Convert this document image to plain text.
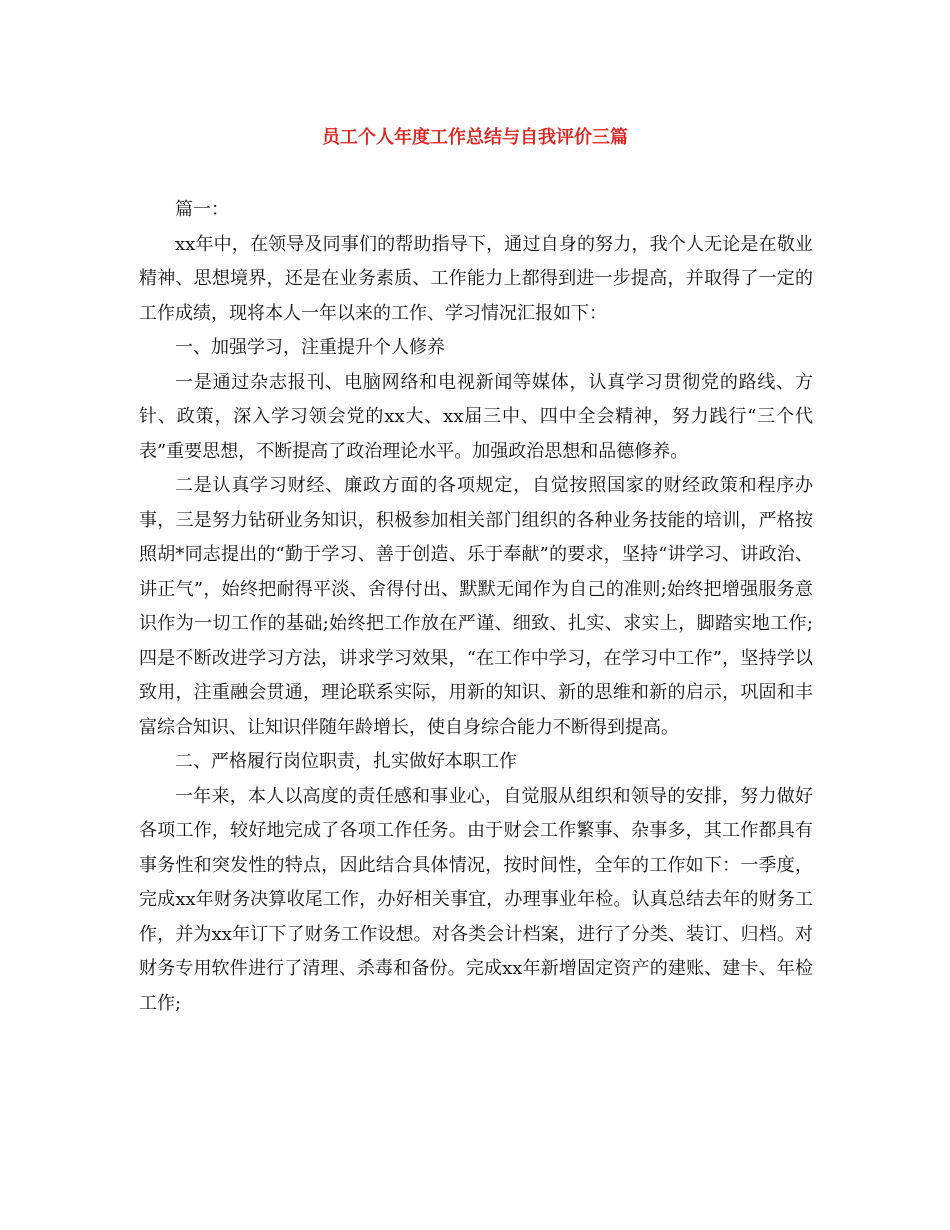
员工个人年度工作总结与自我评价三篇

篇一：

xx年中，在领导及同事们的帮助指导下，通过自身的努力，我个人无论是在敬业精神、思想境界，还是在业务素质、工作能力上都得到进一步提高，并取得了一定的工作成绩，现将本人一年以来的工作、学习情况汇报如下：

一、加强学习，注重提升个人修养

一是通过杂志报刊、电脑网络和电视新闻等媒体，认真学习贯彻党的路线、方针、政策，深入学习领会党的xx大、xx届三中、四中全会精神，努力践行“三个代表”重要思想，不断提高了政治理论水平。加强政治思想和品德修养。

二是认真学习财经、廉政方面的各项规定，自觉按照国家的财经政策和程序办事，三是努力钻研业务知识，积极参加相关部门组织的各种业务技能的培训，严格按照胡*同志提出的“勤于学习、善于创造、乐于奉献”的要求，坚持“讲学习、讲政治、讲正气”，始终把耐得平淡、舍得付出、默默无闻作为自己的准则;始终把增强服务意识作为一切工作的基础;始终把工作放在严谨、细致、扎实、求实上，脚踏实地工作;四是不断改进学习方法，讲求学习效果，“在工作中学习，在学习中工作”，坚持学以致用，注重融会贯通，理论联系实际，用新的知识、新的思维和新的启示，巩固和丰富综合知识、让知识伴随年龄增长，使自身综合能力不断得到提高。

二、严格履行岗位职责，扎实做好本职工作

一年来，本人以高度的责任感和事业心，自觉服从组织和领导的安排，努力做好各项工作，较好地完成了各项工作任务。由于财会工作繁事、杂事多，其工作都具有事务性和突发性的特点，因此结合具体情况，按时间性，全年的工作如下：一季度，完成xx年财务决算收尾工作，办好相关事宜，办理事业年检。认真总结去年的财务工作，并为xx年订下了财务工作设想。对各类会计档案，进行了分类、装订、归档。对财务专用软件进行了清理、杀毒和备份。完成xx年新增固定资产的建账、建卡、年检工作;
